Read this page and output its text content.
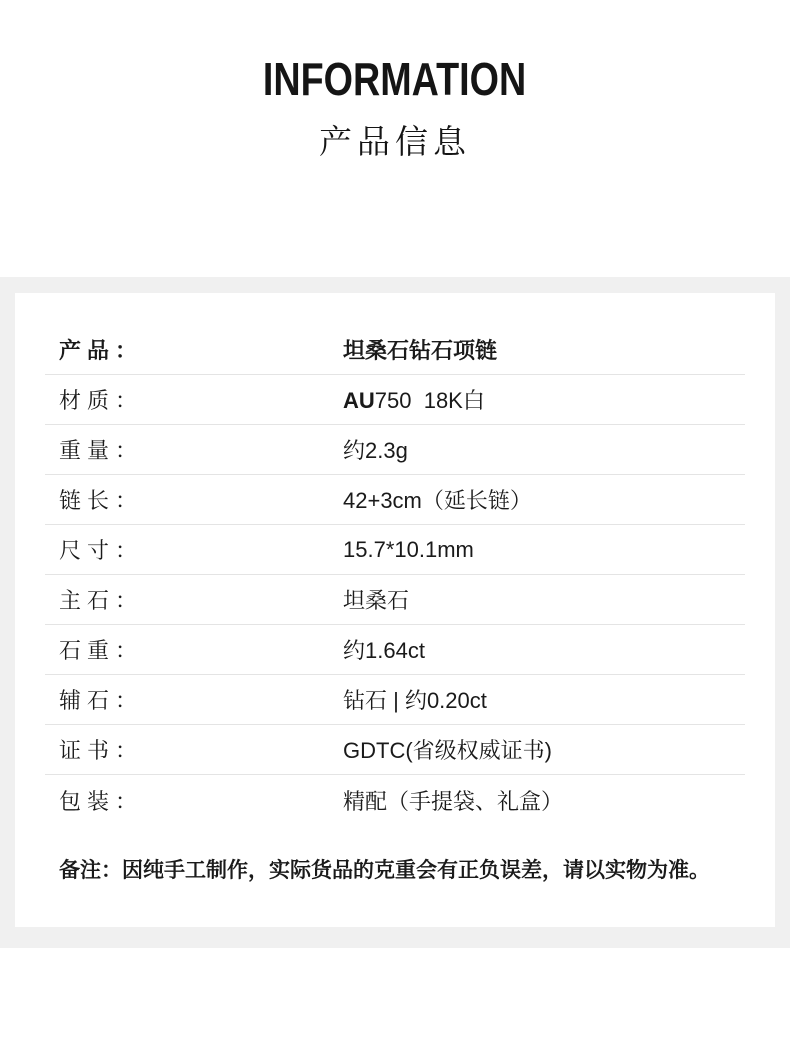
INFORMATION
产品信息
产品：	坦桑石钻石项链
材质：	AU750  18K白
重量：	约2.3g
链长：	42+3cm（延长链）
尺寸：	15.7*10.1mm
主石：	坦桑石
石重：	约1.64ct
辅石：	钻石 | 约0.20ct
证书：	GDTC(省级权威证书)
包装：	精配（手提袋、礼盒）
备注：因纯手工制作，实际货品的克重会有正负误差，请以实物为准。
